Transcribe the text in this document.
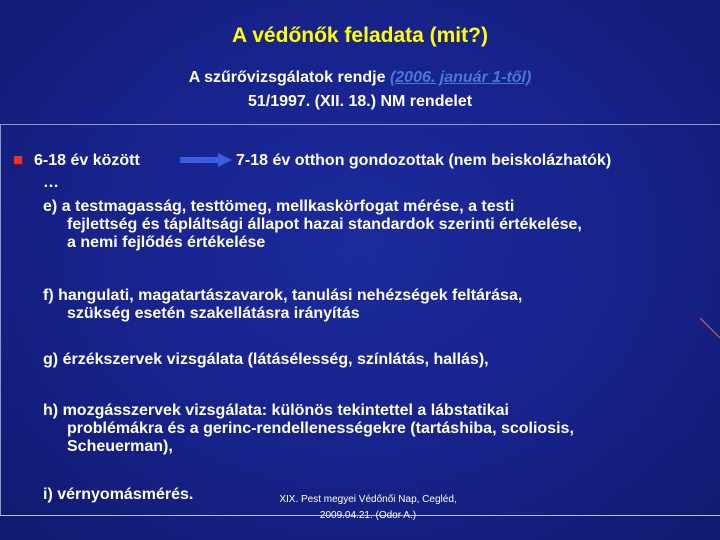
A védőnők feladata (mit?)
A szűrővizsgálatok rendje (2006. január 1-től)
51/1997. (XII. 18.) NM rendelet
6-18 év között	7-18 év otthon gondozottak (nem beiskolázhatók)
…
e) a testmagasság, testtömeg, mellkaskörfogat mérése, a testi
fejlettség és tápláltsági állapot hazai standardok szerinti értékelése,
a nemi fejlődés értékelése
f) hangulati, magatartászavarok, tanulási nehézségek feltárása,
szükség esetén szakellátásra irányítás
g) érzékszervek vizsgálata (látásélesség, színlátás, hallás),
h) mozgásszervek vizsgálata: különös tekintettel a lábstatikai
problémákra és a gerinc-rendellenességekre (tartáshiba, scoliosis,
Scheuerman),
i) vérnyomásmérés.	XIX. Pest megyei Védőnői Nap, Cegléd,
2009.04.21. (Odor A.)
